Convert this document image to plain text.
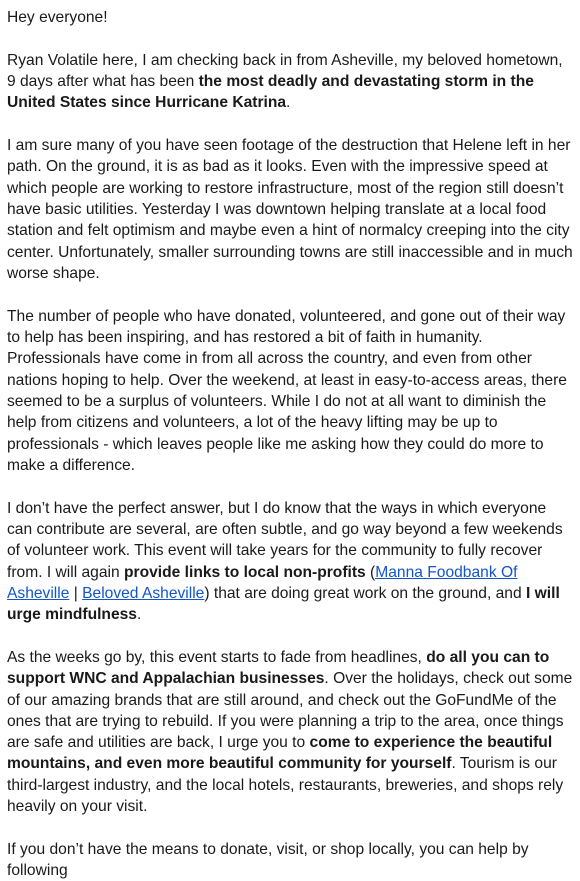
Hey everyone!

Ryan Volatile here, I am checking back in from Asheville, my beloved hometown, 9 days after what has been the most deadly and devastating storm in the United States since Hurricane Katrina.

I am sure many of you have seen footage of the destruction that Helene left in her path. On the ground, it is as bad as it looks. Even with the impressive speed at which people are working to restore infrastructure, most of the region still doesn’t have basic utilities. Yesterday I was downtown helping translate at a local food station and felt optimism and maybe even a hint of normalcy creeping into the city center. Unfortunately, smaller surrounding towns are still inaccessible and in much worse shape.

The number of people who have donated, volunteered, and gone out of their way to help has been inspiring, and has restored a bit of faith in humanity. Professionals have come in from all across the country, and even from other nations hoping to help. Over the weekend, at least in easy-to-access areas, there seemed to be a surplus of volunteers. While I do not at all want to diminish the help from citizens and volunteers, a lot of the heavy lifting may be up to professionals - which leaves people like me asking how they could do more to make a difference.

I don’t have the perfect answer, but I do know that the ways in which everyone can contribute are several, are often subtle, and go way beyond a few weekends of volunteer work. This event will take years for the community to fully recover from. I will again provide links to local non-profits (Manna Foodbank Of Asheville | Beloved Asheville) that are doing great work on the ground, and I will urge mindfulness.

As the weeks go by, this event starts to fade from headlines, do all you can to support WNC and Appalachian businesses. Over the holidays, check out some of our amazing brands that are still around, and check out the GoFundMe of the ones that are trying to rebuild. If you were planning a trip to the area, once things are safe and utilities are back, I urge you to come to experience the beautiful mountains, and even more beautiful community for yourself. Tourism is our third-largest industry, and the local hotels, restaurants, breweries, and shops rely heavily on your visit.

If you don’t have the means to donate, visit, or shop locally, you can help by following
